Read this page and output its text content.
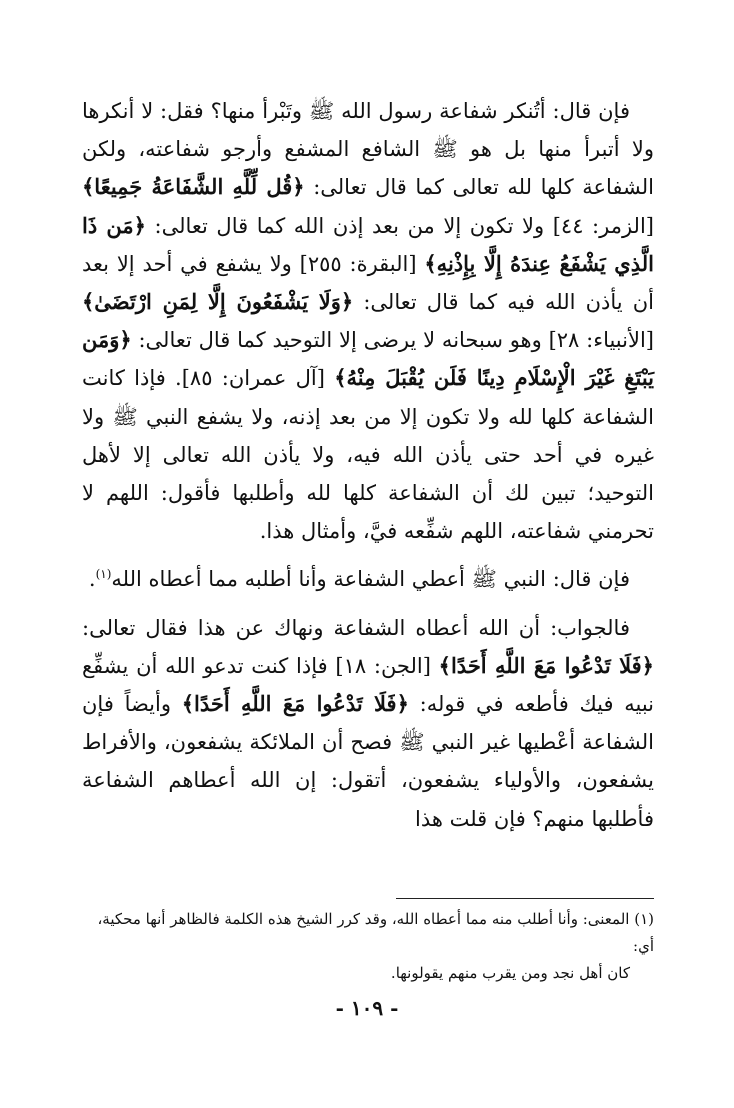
فإن قال: أتُنكر شفاعة رسول الله ﷺ وتَبْرأ منها؟ فقل: لا أنكرها ولا أتبرأ منها بل هو ﷺ الشافع المشفع وأرجو شفاعته، ولكن الشفاعة كلها لله تعالى كما قال تعالى: ﴿قُل لِّلَّهِ الشَّفَاعَةُ جَمِيعًا﴾ [الزمر: ٤٤] ولا تكون إلا من بعد إذن الله كما قال تعالى: ﴿مَن ذَا الَّذِي يَشْفَعُ عِندَهُ إِلَّا بِإِذْنِهِ﴾ [البقرة: ٢٥٥] ولا يشفع في أحد إلا بعد أن يأذن الله فيه كما قال تعالى: ﴿وَلَا يَشْفَعُونَ إِلَّا لِمَنِ ارْتَضَىٰ﴾ [الأنبياء: ٢٨] وهو سبحانه لا يرضى إلا التوحيد كما قال تعالى: ﴿وَمَن يَبْتَغِ غَيْرَ الْإِسْلَامِ دِينًا فَلَن يُقْبَلَ مِنْهُ﴾ [آل عمران: ٨٥]. فإذا كانت الشفاعة كلها لله ولا تكون إلا من بعد إذنه، ولا يشفع النبي ﷺ ولا غيره في أحد حتى يأذن الله فيه، ولا يأذن الله تعالى إلا لأهل التوحيد؛ تبين لك أن الشفاعة كلها لله وأطلبها فأقول: اللهم لا تحرمني شفاعته، اللهم شفِّعه فيَّ، وأمثال هذا.

فإن قال: النبي ﷺ أعطي الشفاعة وأنا أطلبه مما أعطاه الله$^{(١)}$.

فالجواب: أن الله أعطاه الشفاعة ونهاك عن هذا فقال تعالى: ﴿فَلَا تَدْعُوا مَعَ اللَّهِ أَحَدًا﴾ [الجن: ١٨] فإذا كنت تدعو الله أن يشفِّع نبيه فيك فأطعه في قوله: ﴿فَلَا تَدْعُوا مَعَ اللَّهِ أَحَدًا﴾ وأيضاً فإن الشفاعة أعْطيها غير النبي ﷺ فصح أن الملائكة يشفعون، والأفراط يشفعون، والأولياء يشفعون، أتقول: إن الله أعطاهم الشفاعة فأطلبها منهم؟ فإن قلت هذا

(١) المعنى: وأنا أطلب منه مما أعطاه الله، وقد كرر الشيخ هذه الكلمة فالظاهر أنها محكية، أي:

كان أهل نجد ومن يقرب منهم يقولونها.

- ١٠٩ -
